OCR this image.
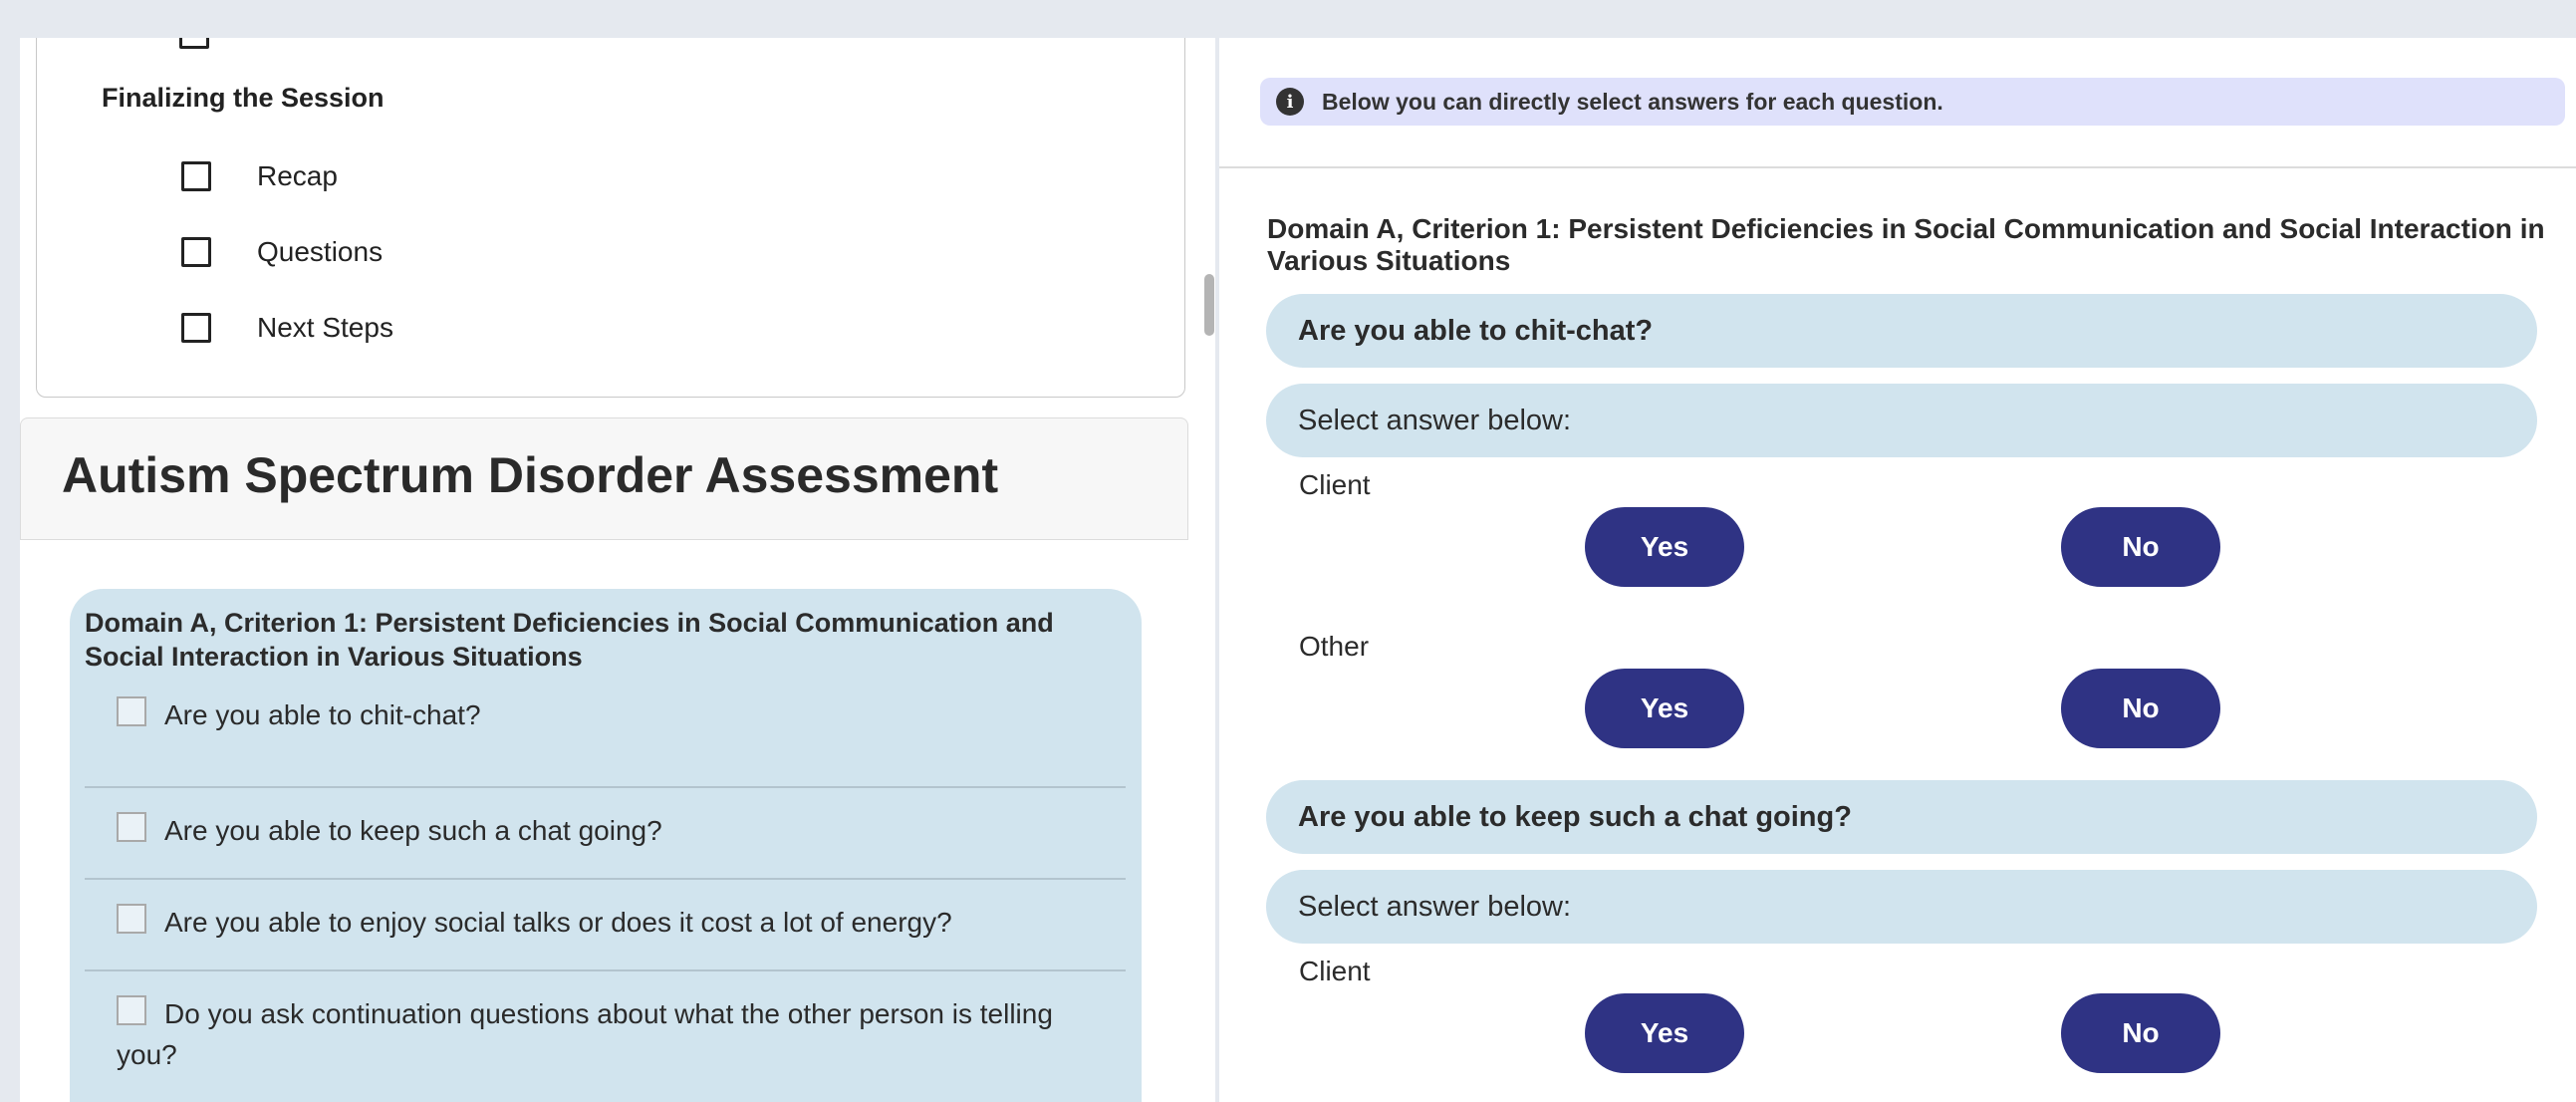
Finalizing the Session
Recap
Questions
Next Steps
Autism Spectrum Disorder Assessment
Domain A, Criterion 1: Persistent Deficiencies in Social Communication and Social Interaction in Various Situations
Are you able to chit-chat?
Are you able to keep such a chat going?
Are you able to enjoy social talks or does it cost a lot of energy?
Do you ask continuation questions about what the other person is telling you?
i	Below you can directly select answers for each question.
Domain A, Criterion 1: Persistent Deficiencies in Social Communication and Social Interaction in Various Situations
Are you able to chit-chat?
Select answer below:
Client
Yes	No
Other
Yes	No
Are you able to keep such a chat going?
Select answer below:
Client
Yes	No
